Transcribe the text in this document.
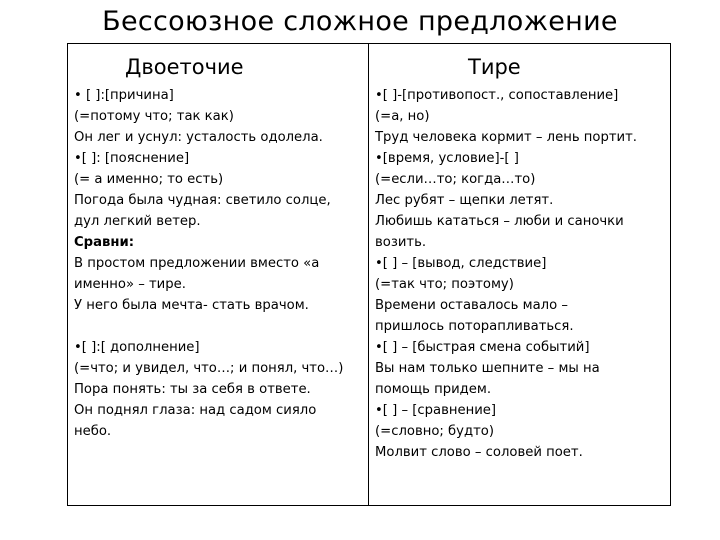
Бессоюзное сложное предложение
Двоеточие
• [ ]:[причина]
(=потому что; так как)
Он лег и уснул: усталость одолела.
•[ ]: [пояснение]
(= а именно; то есть)
Погода была чудная: светило солце,
дул легкий ветер.
Сравни:
В простом предложении вместо «а
именно» – тире.
У него была мечта- стать врачом.
•[ ]:[ дополнение]
(=что; и увидел, что…; и понял, что…)
Пора понять: ты за себя в ответе.
Он поднял глаза: над садом сияло
небо.
Тире
•[ ]-[противопост., сопоставление]
(=а, но)
Труд человека кормит – лень портит.
•[время, условие]-[ ]
(=если…то; когда…то)
Лес рубят – щепки летят.
Любишь кататься – люби и саночки
возить.
•[ ] – [вывод, следствие]
(=так что; поэтому)
Времени оставалось мало –
пришлось поторапливаться.
•[ ] – [быстрая смена событий]
Вы нам только шепните – мы на
помощь придем.
•[ ] – [сравнение]
(=словно; будто)
Молвит слово – соловей поет.
